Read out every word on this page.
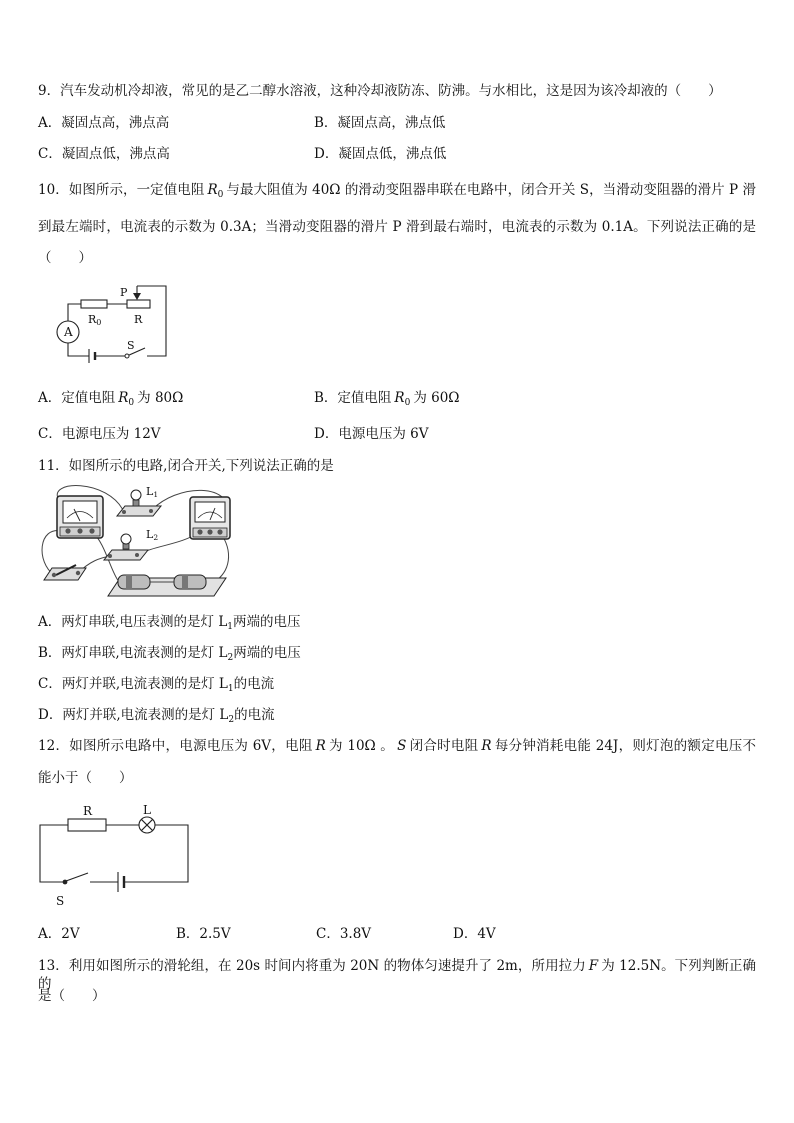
9．汽车发动机冷却液，常见的是乙二醇水溶液，这种冷却液防冻、防沸。与水相比，这是因为该冷却液的（　　）
A．凝固点高，沸点高	B．凝固点高，沸点低
C．凝固点低，沸点高	D．凝固点低，沸点低
10．如图所示，一定值电阻 $R_0$ 与最大阻值为 40Ω 的滑动变阻器串联在电路中，闭合开关 S，当滑动变阻器的滑片 P 滑
到最左端时，电流表的示数为 0.3A；当滑动变阻器的滑片 P 滑到最右端时，电流表的示数为 0.1A。下列说法正确的是
（　　）
P
R0	R
A
S
A．定值电阻 $R_0$ 为 80Ω	B．定值电阻 $R_0$ 为 60Ω
C．电源电压为 12V	D．电源电压为 6V
11．如图所示的电路,闭合开关,下列说法正确的是
L1
L2
A．两灯串联,电压表测的是灯 $L_1$两端的电压
B．两灯串联,电流表测的是灯 $L_2$两端的电压
C．两灯并联,电流表测的是灯 $L_1$的电流
D．两灯并联,电流表测的是灯 $L_2$的电流
12．如图所示电路中，电源电压为 6V，电阻 R 为 10Ω 。 S 闭合时电阻 R 每分钟消耗电能 24J，则灯泡的额定电压不
能小于（　　）
R	L
S
A．2V	B．2.5V	C．3.8V	D．4V
13．利用如图所示的滑轮组，在 20s 时间内将重为 20N 的物体匀速提升了 2m，所用拉力 F 为 12.5N。下列判断正确的
是（　　）
